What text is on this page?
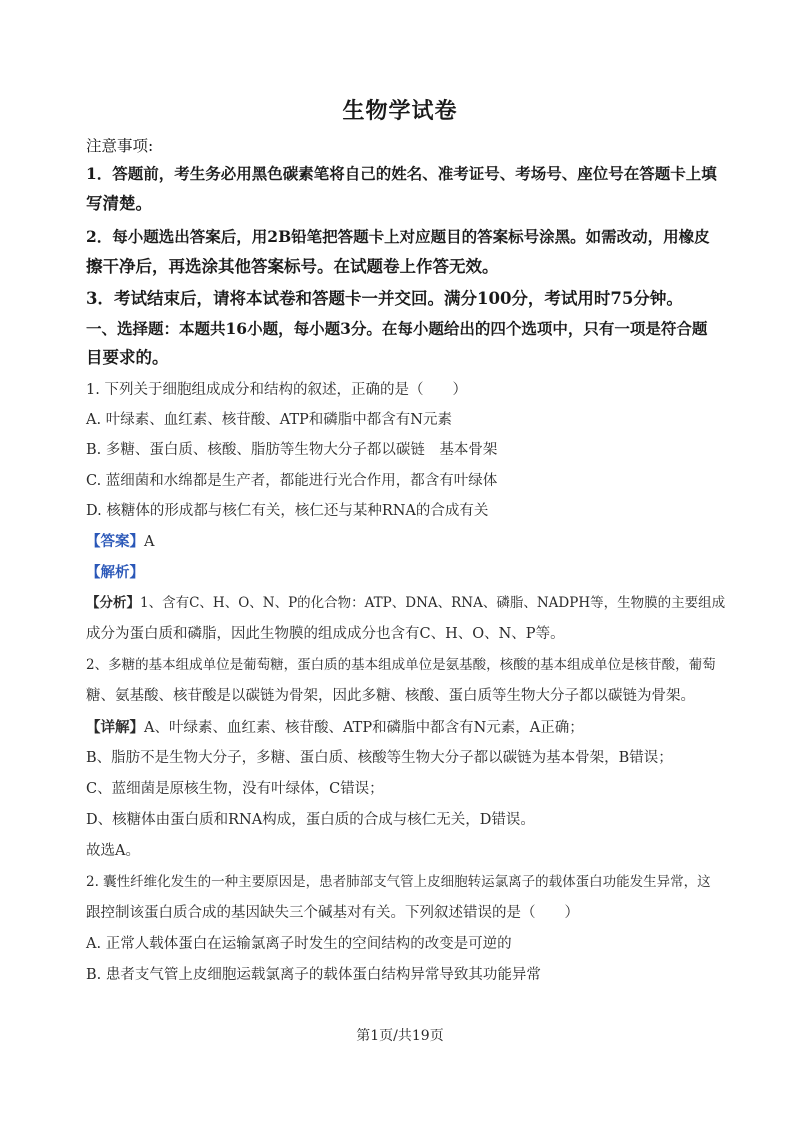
生物学试卷
注意事项:
1．答题前，考生务必用黑色碳素笔将自己的姓名、准考证号、考场号、座位号在答题卡上填
写清楚。
2．每小题选出答案后，用2B铅笔把答题卡上对应题目的答案标号涂黑。如需改动，用橡皮
擦干净后，再选涂其他答案标号。在试题卷上作答无效。
3．考试结束后，请将本试卷和答题卡一并交回。满分100分，考试用时75分钟。
一、选择题：本题共16小题，每小题3分。在每小题给出的四个选项中，只有一项是符合题
目要求的。
1. 下列关于细胞组成成分和结构的叙述，正确的是（　　）
A. 叶绿素、血红素、核苷酸、ATP和磷脂中都含有N元素
B. 多糖、蛋白质、核酸、脂肪等生物大分子都以碳链　基本骨架
C. 蓝细菌和水绵都是生产者，都能进行光合作用，都含有叶绿体
D. 核糖体的形成都与核仁有关，核仁还与某种RNA的合成有关
【答案】A
【解析】
【分析】1、含有C、H、O、N、P的化合物：ATP、DNA、RNA、磷脂、NADPH等，生物膜的主要组成
成分为蛋白质和磷脂，因此生物膜的组成成分也含有C、H、O、N、P等。
2、多糖的基本组成单位是葡萄糖，蛋白质的基本组成单位是氨基酸，核酸的基本组成单位是核苷酸，葡萄
糖、氨基酸、核苷酸是以碳链为骨架，因此多糖、核酸、蛋白质等生物大分子都以碳链为骨架。
【详解】A、叶绿素、血红素、核苷酸、ATP和磷脂中都含有N元素，A正确；
B、脂肪不是生物大分子，多糖、蛋白质、核酸等生物大分子都以碳链为基本骨架，B错误；
C、蓝细菌是原核生物，没有叶绿体，C错误；
D、核糖体由蛋白质和RNA构成，蛋白质的合成与核仁无关，D错误。
故选A。
2. 囊性纤维化发生的一种主要原因是，患者肺部支气管上皮细胞转运氯离子的载体蛋白功能发生异常，这
跟控制该蛋白质合成的基因缺失三个碱基对有关。下列叙述错误的是（　　）
A. 正常人载体蛋白在运输氯离子时发生的空间结构的改变是可逆的
B. 患者支气管上皮细胞运载氯离子的载体蛋白结构异常导致其功能异常
第1页/共19页
